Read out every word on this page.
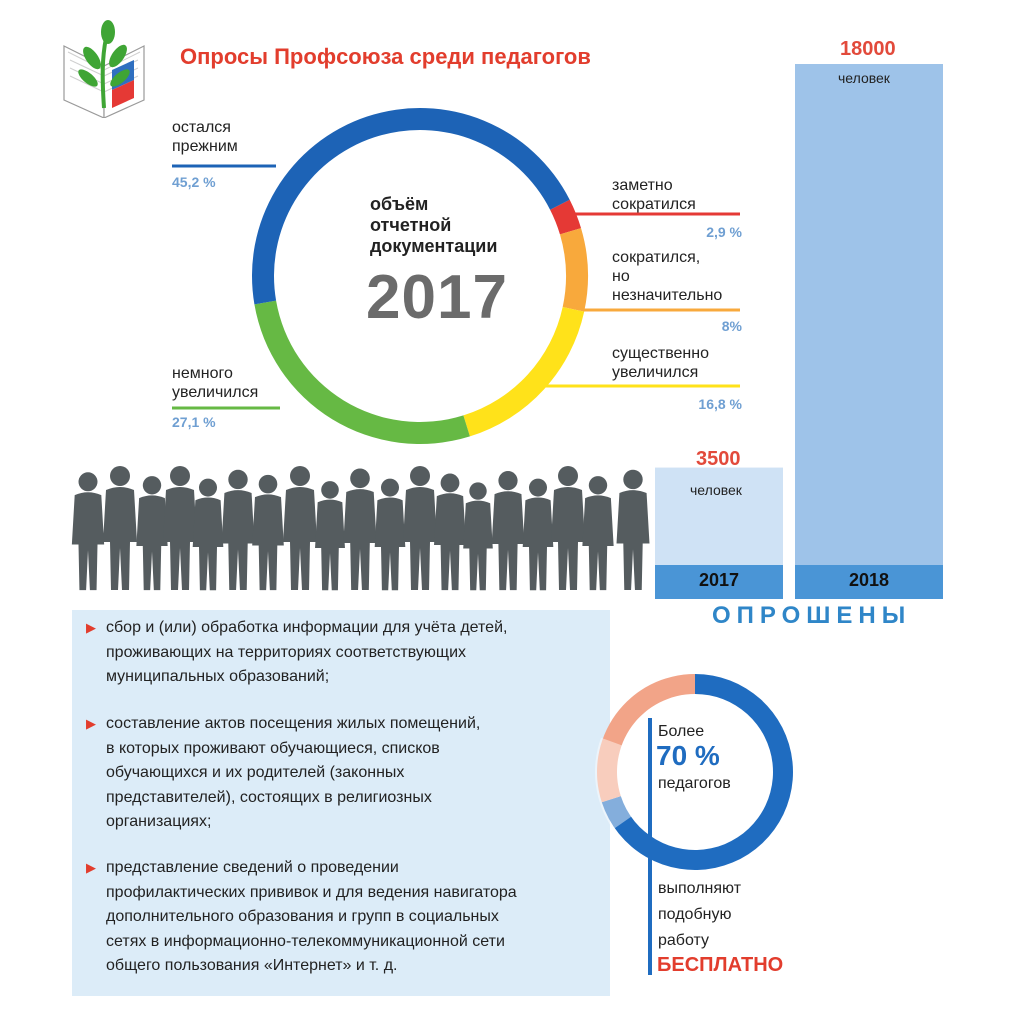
Опросы Профсоюза среди педагогов
объём
отчетной
документации
2017
остался
прежним
45,2 %	заметно
сократился
2,9 %
сократился,
но
незначительно
8%
существенно
увеличился
16,8 %
немного
увеличился
27,1 %
18000
человек
3500
человек
2017	2018
ОПРОШЕНЫ
▶ сбор и (или) обработка информации для учёта детей,
проживающих на территориях соответствующих
муниципальных образований;
▶ составление актов посещения жилых помещений,
в которых проживают обучающиеся, списков
обучающихся и их родителей (законных
представителей), состоящих в религиозных
организациях;
▶ представление сведений о проведении
профилактических прививок и для ведения навигатора
дополнительного образования и групп в социальных
сетях в информационно-телекоммуникационной сети
общего пользования «Интернет» и т. д.
Более
70 %
педагогов
выполняют
подобную
работу
БЕСПЛАТНО
